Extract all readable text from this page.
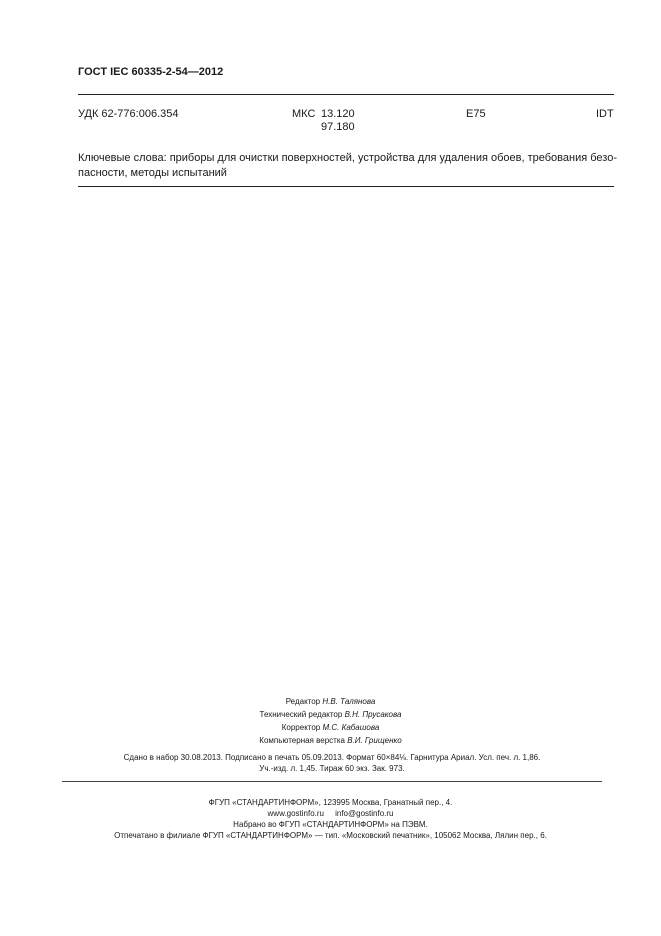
ГОСТ IEC 60335-2-54—2012
УДК 62-776:006.354	МКС 13.120
97.180
E75	IDT
Ключевые слова: приборы для очистки поверхностей, устройства для удаления обоев, требования безо-
пасности, методы испытаний
Редактор Н.В. Талянова
Технический редактор В.Н. Прусакова
Корректор М.С. Кабашова
Компьютерная верстка В.И. Грищенко
Сдано в набор 30.08.2013. Подписано в печать 05.09.2013. Формат 60×84⅛. Гарнитура Ариал. Усл. печ. л. 1,86.
Уч.-изд. л. 1,45. Тираж 60 экз. Зак. 973.
ФГУП «СТАНДАРТИНФОРМ», 123995 Москва, Гранатный пер., 4.
www.gostinfo.ru info@gostinfo.ru
Набрано во ФГУП «СТАНДАРТИНФОРМ» на ПЭВМ.
Отпечатано в филиале ФГУП «СТАНДАРТИНФОРМ» — тип. «Московский печатник», 105062 Москва, Лялин пер., 6.
